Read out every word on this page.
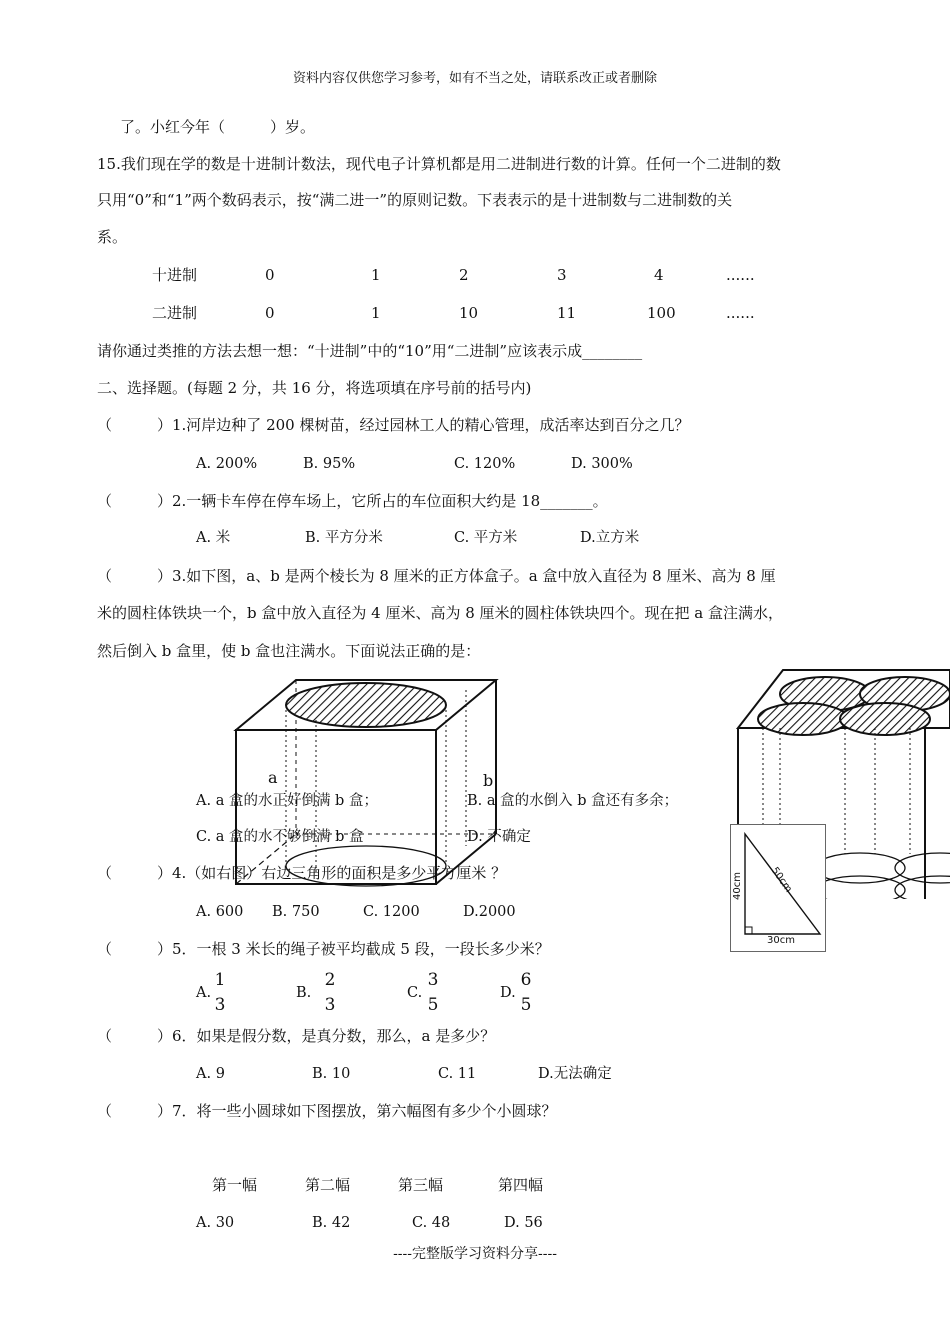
资料内容仅供您学习参考，如有不当之处，请联系改正或者删除
了。小红今年（　　　）岁。
15.我们现在学的数是十进制计数法，现代电子计算机都是用二进制进行数的计算。任何一个二进制的数
只用“0”和“1”两个数码表示，按“满二进一”的原则记数。下表表示的是十进制数与二进制数的关
系。
十进制	0	1	2	3	4	......
二进制	0	1	10	11	100	......
请你通过类推的方法去想一想：“十进制”中的“10”用“二进制”应该表示成________
二、选择题。(每题 2 分，共 16 分，将选项填在序号前的括号内)
（　　　）1.河岸边种了 200 棵树苗，经过园林工人的精心管理，成活率达到百分之几？
A. 200%	B. 95%	C. 120%	D. 300%
（　　　）2.一辆卡车停在停车场上，它所占的车位面积大约是 18_______。
A. 米	B. 平方分米	C. 平方米	D.立方米
（　　　）3.如下图，a、b 是两个棱长为 8 厘米的正方体盒子。a 盒中放入直径为 8 厘米、高为 8 厘
米的圆柱体铁块一个，b 盒中放入直径为 4 厘米、高为 8 厘米的圆柱体铁块四个。现在把 a 盒注满水，
然后倒入 b 盒里，使 b 盒也注满水。下面说法正确的是：
a	b
A. a 盒的水正好倒满 b 盒；	B. a 盒的水倒入 b 盒还有多余；
C. a 盒的水不够倒满 b 盒	D. 不确定
40cm
30cm
50cm
（　　　）4.（如右图）右边三角形的面积是多少平方厘米 ？
A. 600 B. 750	C. 1200	D.2000
（　　　）5．一根 3 米长的绳子被平均截成 5 段，一段长多少米？
A.
1
3
B.
2
3
C.
3
5
D.
6
5
（　　　）6．如果是假分数，是真分数，那么，a 是多少？
A. 9	B. 10	C. 11	D.无法确定
（　　　）7．将一些小圆球如下图摆放，第六幅图有多少个小圆球？
第一幅	第二幅	第三幅	第四幅
A. 30	B. 42	C. 48	D. 56
----完整版学习资料分享----
